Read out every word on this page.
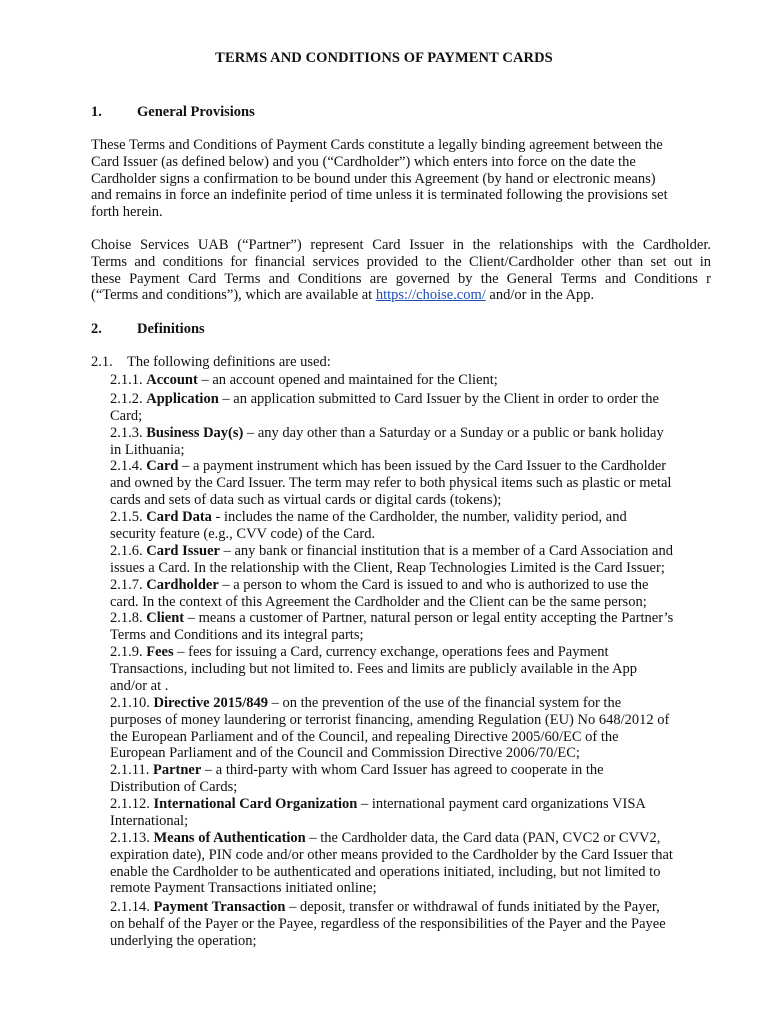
TERMS AND CONDITIONS OF PAYMENT CARDS
1. General Provisions
These Terms and Conditions of Payment Cards constitute a legally binding agreement between the
Card Issuer (as defined below) and you (“Cardholder”) which enters into force on the date the
Cardholder signs a confirmation to be bound under this Agreement (by hand or electronic means)
and remains in force an indefinite period of time unless it is terminated following the provisions set
forth herein.
Choise Services UAB (“Partner”) represent Card Issuer in the relationships with the Cardholder.
Terms and conditions for financial services provided to the Client/Cardholder other than set out in
these Payment Card Terms and Conditions are governed by the General Terms and Conditions r
(“Terms and conditions”), which are available at https://choise.com/ and/or in the App.
2. Definitions
2.1. The following definitions are used:
2.1.1. Account – an account opened and maintained for the Client;
2.1.2. Application – an application submitted to Card Issuer by the Client in order to order the
Card;
2.1.3. Business Day(s) – any day other than a Saturday or a Sunday or a public or bank holiday
in Lithuania;
2.1.4. Card – a payment instrument which has been issued by the Card Issuer to the Cardholder
and owned by the Card Issuer. The term may refer to both physical items such as plastic or metal
cards and sets of data such as virtual cards or digital cards (tokens);
2.1.5. Card Data - includes the name of the Cardholder, the number, validity period, and
security feature (e.g., CVV code) of the Card.
2.1.6. Card Issuer – any bank or financial institution that is a member of a Card Association and
issues a Card. In the relationship with the Client, Reap Technologies Limited is the Card Issuer;
2.1.7. Cardholder – a person to whom the Card is issued to and who is authorized to use the
card. In the context of this Agreement the Cardholder and the Client can be the same person;
2.1.8. Client – means a customer of Partner, natural person or legal entity accepting the Partner’s
Terms and Conditions and its integral parts;
2.1.9. Fees – fees for issuing a Card, currency exchange, operations fees and Payment
Transactions, including but not limited to. Fees and limits are publicly available in the App
and/or at .
2.1.10. Directive 2015/849 – on the prevention of the use of the financial system for the
purposes of money laundering or terrorist financing, amending Regulation (EU) No 648/2012 of
the European Parliament and of the Council, and repealing Directive 2005/60/EC of the
European Parliament and of the Council and Commission Directive 2006/70/EC;
2.1.11. Partner – a third-party with whom Card Issuer has agreed to cooperate in the
Distribution of Cards;
2.1.12. International Card Organization – international payment card organizations VISA
International;
2.1.13. Means of Authentication – the Cardholder data, the Card data (PAN, CVC2 or CVV2,
expiration date), PIN code and/or other means provided to the Cardholder by the Card Issuer that
enable the Cardholder to be authenticated and operations initiated, including, but not limited to
remote Payment Transactions initiated online;
2.1.14. Payment Transaction – deposit, transfer or withdrawal of funds initiated by the Payer,
on behalf of the Payer or the Payee, regardless of the responsibilities of the Payer and the Payee
underlying the operation;
